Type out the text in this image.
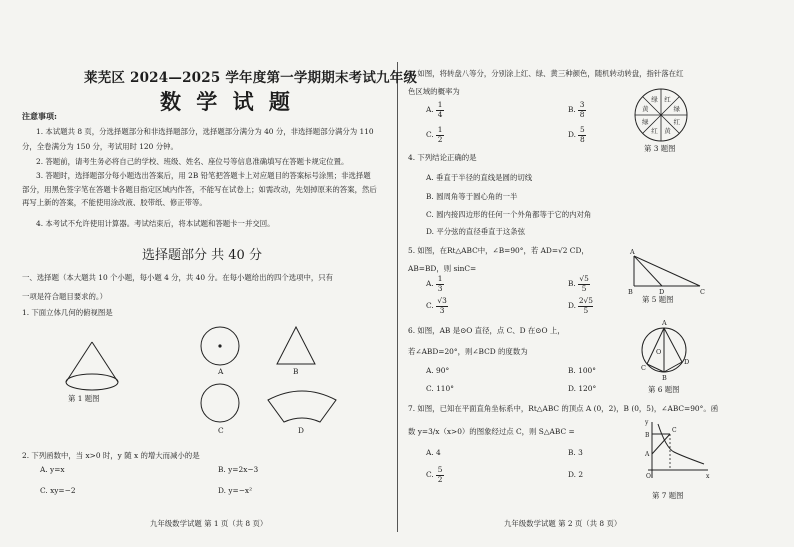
莱芜区 2024—2025 学年度第一学期期末考试九年级
数 学 试 题
注意事项:
1. 本试题共 8 页，分选择题部分和非选择题部分，选择题部分满分为 40 分，非选择题部分满分为 110 分，全卷满分为 150 分，考试用时 120 分钟。
2. 答题前，请考生务必将自己的学校、班级、姓名、座位号等信息准确填写在答题卡规定位置。
3. 答题时，选择题部分每小题选出答案后，用 2B 铅笔把答题卡上对应题目的答案标号涂黑；非选择题部分，用黑色签字笔在答题卡各题目指定区域内作答，不能写在试卷上；如需改动，先划掉原来的答案，然后再写上新的答案，不能使用涂改液、胶带纸、修正带等。
4. 本考试不允许使用计算器。考试结束后，将本试题和答题卡一并交回。
选择题部分 共 40 分
一、选择题（本大题共 10 个小题，每小题 4 分，共 40 分。在每小题给出的四个选项中，只有
一项是符合题目要求的。）
1. 下面立体几何的俯视图是
第 1 题图
A	B
C	D
2. 下列函数中，当 x>0 时，y 随 x 的增大而减小的是
A. y=x	B. y=2x−3
C. xy=−2	D. y=−x²
九年级数学试题 第 1 页（共 8 页）
3. 如图，将转盘八等分，分别涂上红、绿、黄三种颜色，随机转动转盘，指针落在红
色区域的概率为
A. $\frac{1}{4}$	B. $\frac{3}{8}$
C. $\frac{1}{2}$	D. $\frac{5}{8}$
红
绿
红
黄
红
绿
黄
绿
第 3 题图
4. 下列结论正确的是
A. 垂直于半径的直线是圆的切线
B. 圆周角等于圆心角的一半
C. 圆内接四边形的任何一个外角都等于它的内对角
D. 平分弦的直径垂直于这条弦
5. 如图，在Rt△ABC中，∠B=90°，若 AD=√2 CD，
AB=BD，则 sinC=
A. $\frac{1}{3}$	B. $\frac{√5}{5}$
C. $\frac{√3}{3}$	D. $\frac{2√5}{5}$
A
B	D	C
第 5 题图
6. 如图，AB 是⊙O 直径，点 C、D 在⊙O 上，
若∠ABD=20°，则∠BCD 的度数为
A. 90°	B. 100°
C. 110°	D. 120°
A
B
C
D
O
第 6 题图
7. 如图，已知在平面直角坐标系中，Rt△ABC 的顶点 A (0，2)，B (0，5)，∠ABC=90°。函
数 y=3/x（x>0）的图象经过点 C，则 S△ABC =
A. 4	B. 3
C. $\frac{5}{2}$	D. 2
y
B
A
C
O	x
第 7 题图
九年级数学试题 第 2 页（共 8 页）
